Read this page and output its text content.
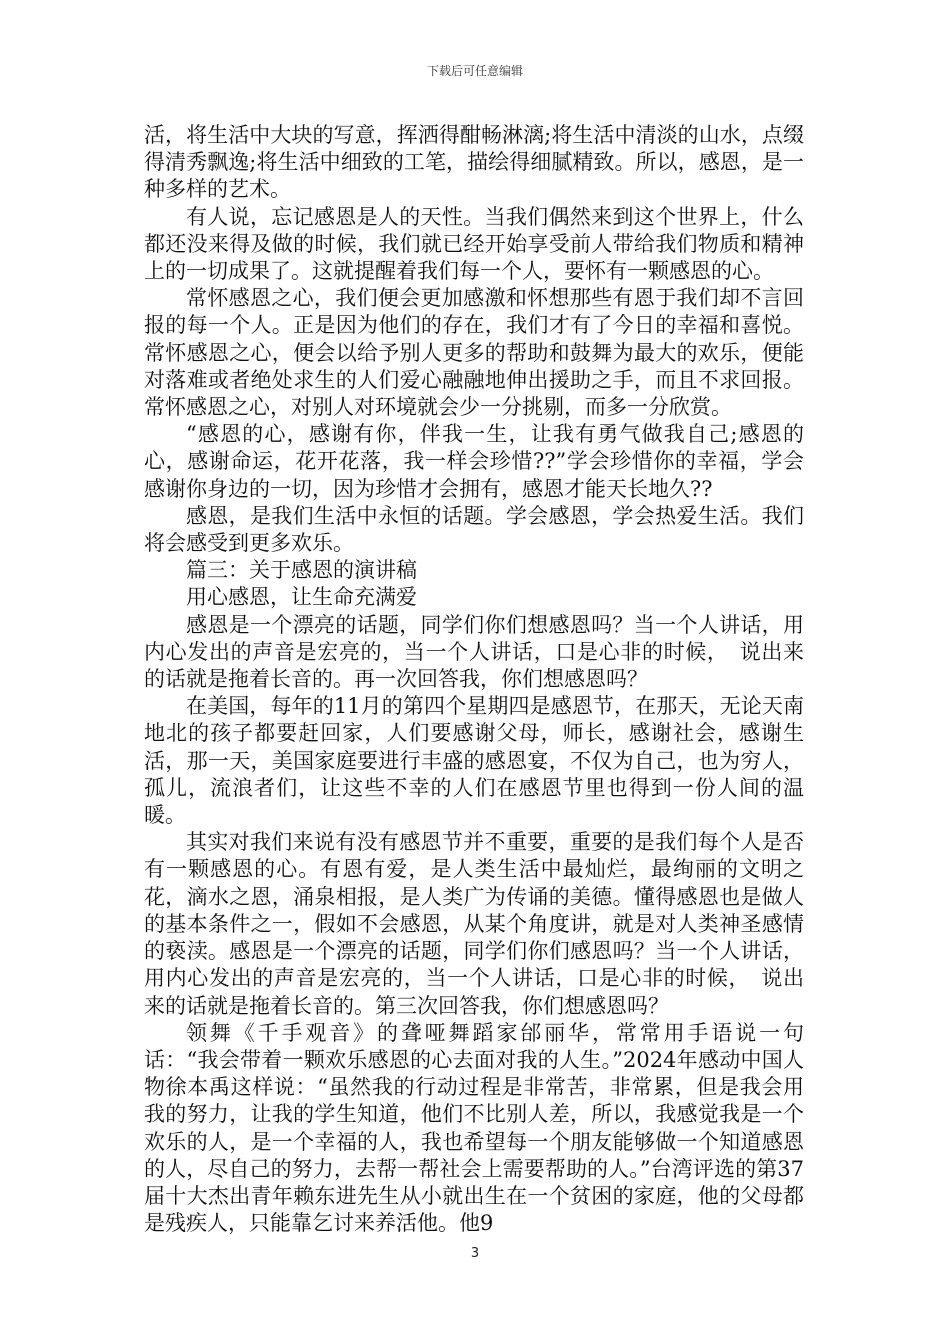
下载后可任意编辑

活，将生活中大块的写意，挥洒得酣畅淋漓;将生活中清淡的山水，点缀得清秀飘逸;将生活中细致的工笔，描绘得细腻精致。所以，感恩，是一种多样的艺术。

有人说，忘记感恩是人的天性。当我们偶然来到这个世界上，什么都还没来得及做的时候，我们就已经开始享受前人带给我们物质和精神上的一切成果了。这就提醒着我们每一个人，要怀有一颗感恩的心。

常怀感恩之心，我们便会更加感激和怀想那些有恩于我们却不言回报的每一个人。正是因为他们的存在，我们才有了今日的幸福和喜悦。常怀感恩之心，便会以给予别人更多的帮助和鼓舞为最大的欢乐，便能对落难或者绝处求生的人们爱心融融地伸出援助之手，而且不求回报。常怀感恩之心，对别人对环境就会少一分挑剔，而多一分欣赏。

“感恩的心，感谢有你，伴我一生，让我有勇气做我自己;感恩的心，感谢命运，花开花落，我一样会珍惜??”学会珍惜你的幸福，学会感谢你身边的一切，因为珍惜才会拥有，感恩才能天长地久??

感恩，是我们生活中永恒的话题。学会感恩，学会热爱生活。我们将会感受到更多欢乐。

篇三：关于感恩的演讲稿

用心感恩，让生命充满爱

感恩是一个漂亮的话题，同学们你们想感恩吗？当一个人讲话，用内心发出的声音是宏亮的，当一个人讲话，口是心非的时候，　说出来的话就是拖着长音的。再一次回答我，你们想感恩吗？

在美国，每年的11月的第四个星期四是感恩节，在那天，无论天南地北的孩子都要赶回家，人们要感谢父母，师长，感谢社会，感谢生活，那一天，美国家庭要进行丰盛的感恩宴，不仅为自己，也为穷人，孤儿，流浪者们，让这些不幸的人们在感恩节里也得到一份人间的温暖。

其实对我们来说有没有感恩节并不重要，重要的是我们每个人是否有一颗感恩的心。有恩有爱，是人类生活中最灿烂，最绚丽的文明之花，滴水之恩，涌泉相报，是人类广为传诵的美德。懂得感恩也是做人的基本条件之一，假如不会感恩，从某个角度讲，就是对人类神圣感情的亵渎。感恩是一个漂亮的话题，同学们你们感恩吗？当一个人讲话，用内心发出的声音是宏亮的，当一个人讲话，口是心非的时候，　说出来的话就是拖着长音的。第三次回答我，你们想感恩吗？

领舞《千手观音》的聋哑舞蹈家邰丽华，常常用手语说一句话：“我会带着一颗欢乐感恩的心去面对我的人生。”2024年感动中国人物徐本禹这样说：“虽然我的行动过程是非常苦，非常累，但是我会用我的努力，让我的学生知道，他们不比别人差，所以，我感觉我是一个欢乐的人，是一个幸福的人，我也希望每一个朋友能够做一个知道感恩的人，尽自己的努力，去帮一帮社会上需要帮助的人。”台湾评选的第37届十大杰出青年赖东进先生从小就出生在一个贫困的家庭，他的父母都是残疾人，只能靠乞讨来养活他。他9

3
